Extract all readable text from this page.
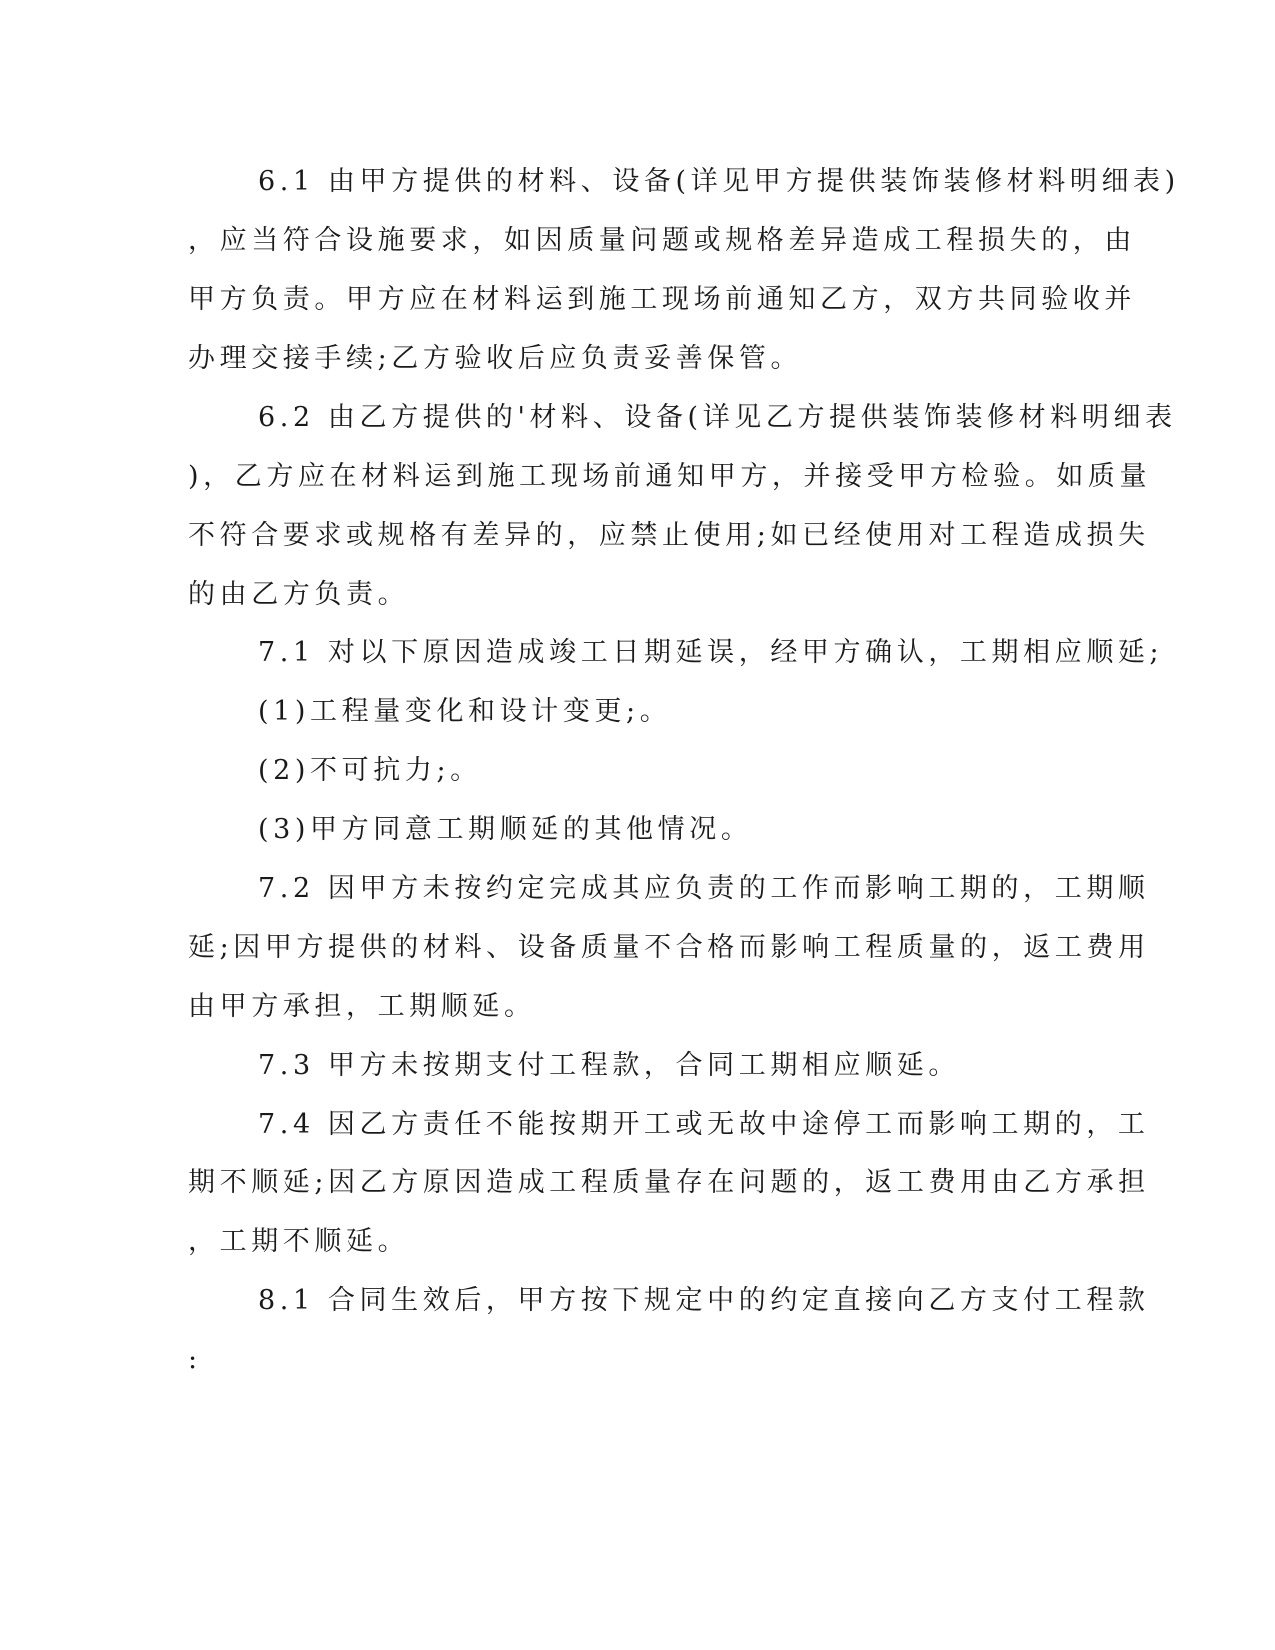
6.1 由甲方提供的材料、设备(详见甲方提供装饰装修材料明细表)
，应当符合设施要求，如因质量问题或规格差异造成工程损失的，由
甲方负责。甲方应在材料运到施工现场前通知乙方，双方共同验收并
办理交接手续;乙方验收后应负责妥善保管。
6.2 由乙方提供的'材料、设备(详见乙方提供装饰装修材料明细表
)，乙方应在材料运到施工现场前通知甲方，并接受甲方检验。如质量
不符合要求或规格有差异的，应禁止使用;如已经使用对工程造成损失
的由乙方负责。
7.1 对以下原因造成竣工日期延误，经甲方确认，工期相应顺延;
(1)工程量变化和设计变更;。
(2)不可抗力;。
(3)甲方同意工期顺延的其他情况。
7.2 因甲方未按约定完成其应负责的工作而影响工期的，工期顺
延;因甲方提供的材料、设备质量不合格而影响工程质量的，返工费用
由甲方承担，工期顺延。
7.3 甲方未按期支付工程款，合同工期相应顺延。
7.4 因乙方责任不能按期开工或无故中途停工而影响工期的，工
期不顺延;因乙方原因造成工程质量存在问题的，返工费用由乙方承担
，工期不顺延。
8.1 合同生效后，甲方按下规定中的约定直接向乙方支付工程款
:
